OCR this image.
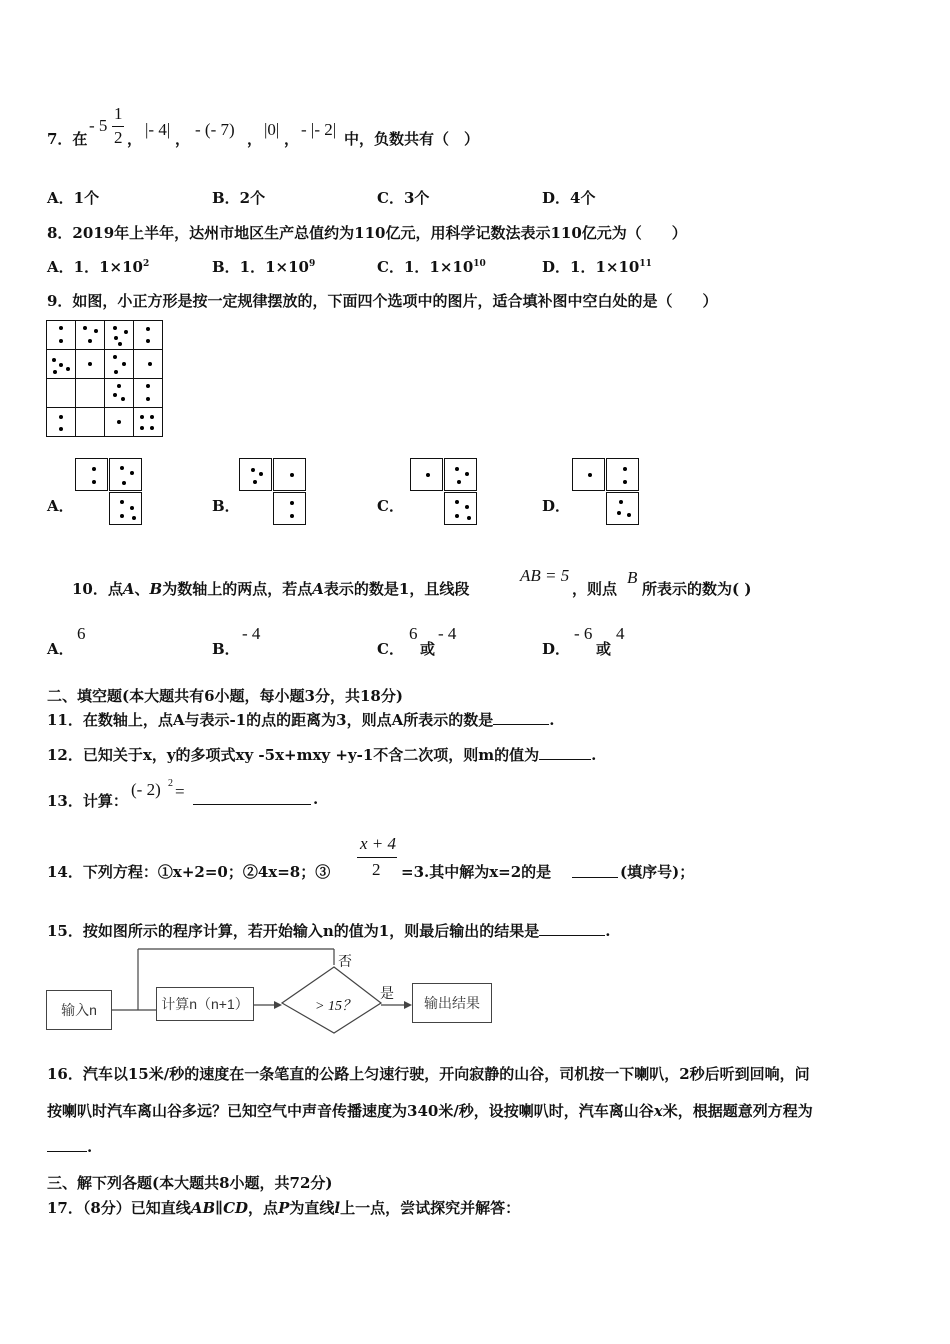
7．在
- 5
1
2 ， |- 4| ， - (- 7) ， |0| ， - |- 2| 中，负数共有（　）
A．1个	B．2个	C．3个	D．4个
8．2019年上半年，达州市地区生产总值约为110亿元，用科学记数法表示110亿元为（　　）
A．1．$1\times 10^2$	B．1．$1\times 10^9$	C．1．$1\times 10^{10}$	D．1．$1\times 10^{11}$
9．如图，小正方形是按一定规律摆放的，下面四个选项中的图片，适合填补图中空白处的是（　　）

A．	B．	C．	D．
10．点A、B为数轴上的两点，若点A表示的数是1，且线段
AB = 5
，则点
B
所表示的数为( )
A．
6
B．
- 4
C．
6
或
- 4
D．
- 6
或
4
二、填空题(本大题共有6小题，每小题3分，共18分)
11．在数轴上，点A与表示-1的点的距离为3，则点A所表示的数是	.
12．已知关于x，y的多项式xy -5x+mxy +y-1不含二次项，则m的值为	.
13．计算：
(- 2) 2 =	.
14．下列方程：①x+2=0；②4x=8；③
x + 4
2 =3.其中解为x=2的是	(填序号)；
15．按如图所示的程序计算，若开始输入n的值为1，则最后输出的结果是	.
输入n	计算n（n+1）	> 15？
否
是
输出结果
16．汽车以15米/秒的速度在一条笔直的公路上匀速行驶，开向寂静的山谷，司机按一下喇叭，2秒后听到回响，问
按喇叭时汽车离山谷多远？已知空气中声音传播速度为340米/秒，设按喇叭时，汽车离山谷x米，根据题意列方程为
.
三、解下列各题(本大题共8小题，共72分)
17．（8分）已知直线AB∥CD，点P为直线l上一点，尝试探究并解答：
